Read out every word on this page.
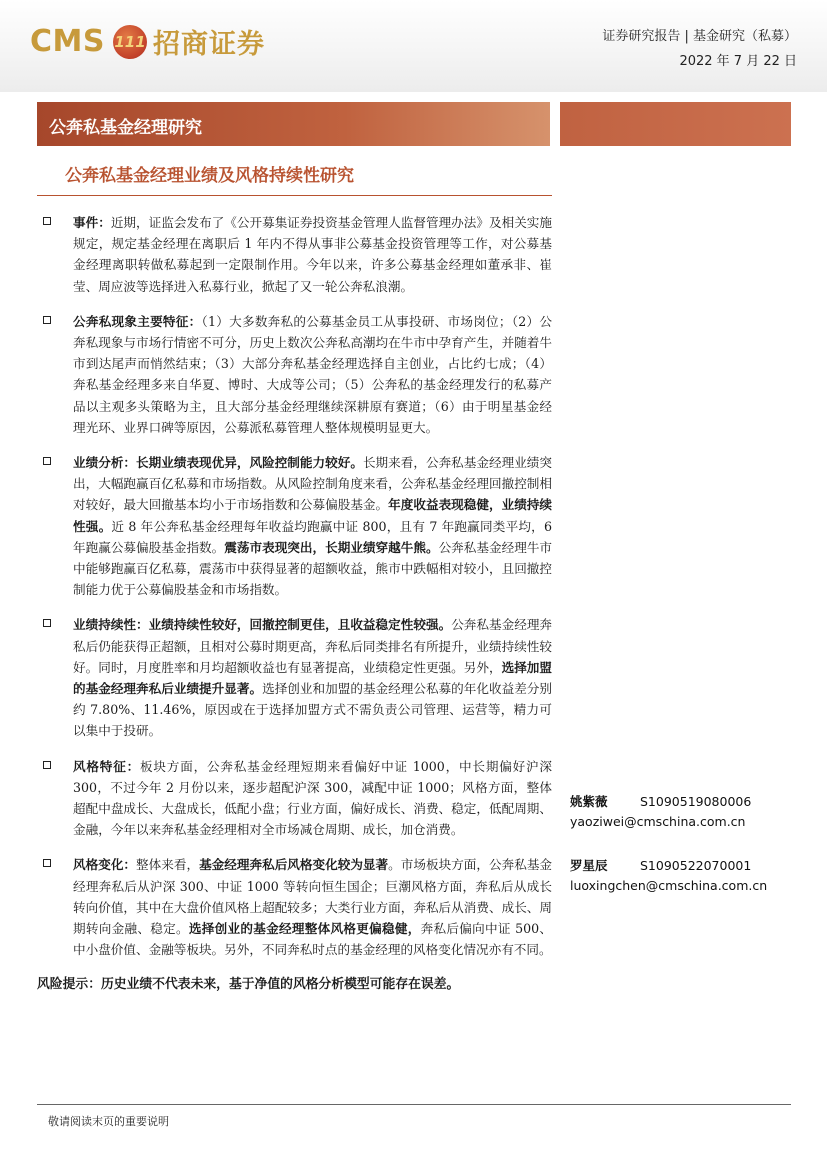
CMS 111 招商证券	证券研究报告 | 基金研究（私募）
2022 年 7 月 22 日
公奔私基金经理研究
公奔私基金经理业绩及风格持续性研究
事件：近期，证监会发布了《公开募集证券投资基金管理人监督管理办法》及相关实施规定，规定基金经理在离职后 1 年内不得从事非公募基金投资管理等工作，对公募基金经理离职转做私募起到一定限制作用。今年以来，许多公募基金经理如董承非、崔莹、周应波等选择进入私募行业，掀起了又一轮公奔私浪潮。
公奔私现象主要特征：（1）大多数奔私的公募基金员工从事投研、市场岗位；（2）公奔私现象与市场行情密不可分，历史上数次公奔私高潮均在牛市中孕育产生，并随着牛市到达尾声而悄然结束；（3）大部分奔私基金经理选择自主创业，占比约七成；（4）奔私基金经理多来自华夏、博时、大成等公司；（5）公奔私的基金经理发行的私募产品以主观多头策略为主，且大部分基金经理继续深耕原有赛道；（6）由于明星基金经理光环、业界口碑等原因，公募派私募管理人整体规模明显更大。
业绩分析：长期业绩表现优异，风险控制能力较好。长期来看，公奔私基金经理业绩突出，大幅跑赢百亿私募和市场指数。从风险控制角度来看，公奔私基金经理回撤控制相对较好，最大回撤基本均小于市场指数和公募偏股基金。年度收益表现稳健，业绩持续性强。近 8 年公奔私基金经理每年收益均跑赢中证 800，且有 7 年跑赢同类平均，6 年跑赢公募偏股基金指数。震荡市表现突出，长期业绩穿越牛熊。公奔私基金经理牛市中能够跑赢百亿私募，震荡市中获得显著的超额收益，熊市中跌幅相对较小，且回撤控制能力优于公募偏股基金和市场指数。
业绩持续性：业绩持续性较好，回撤控制更佳，且收益稳定性较强。公奔私基金经理奔私后仍能获得正超额，且相对公募时期更高，奔私后同类排名有所提升，业绩持续性较好。同时，月度胜率和月均超额收益也有显著提高，业绩稳定性更强。另外，选择加盟的基金经理奔私后业绩提升显著。选择创业和加盟的基金经理公私募的年化收益差分别约 7.80%、11.46%，原因或在于选择加盟方式不需负责公司管理、运营等，精力可以集中于投研。
风格特征：板块方面，公奔私基金经理短期来看偏好中证 1000，中长期偏好沪深 300，不过今年 2 月份以来，逐步超配沪深 300，减配中证 1000；风格方面，整体超配中盘成长、大盘成长，低配小盘；行业方面，偏好成长、消费、稳定，低配周期、金融，今年以来奔私基金经理相对全市场减仓周期、成长，加仓消费。
风格变化：整体来看，基金经理奔私后风格变化较为显著。市场板块方面，公奔私基金经理奔私后从沪深 300、中证 1000 等转向恒生国企；巨潮风格方面，奔私后从成长转向价值，其中在大盘价值风格上超配较多；大类行业方面，奔私后从消费、成长、周期转向金融、稳定。选择创业的基金经理整体风格更偏稳健，奔私后偏向中证 500、中小盘价值、金融等板块。另外，不同奔私时点的基金经理的风格变化情况亦有不同。
风险提示：历史业绩不代表未来，基于净值的风格分析模型可能存在误差。
姚紫薇	S1090519080006
yaoziwei@cmschina.com.cn
罗星辰	S1090522070001
luoxingchen@cmschina.com.cn
敬请阅读末页的重要说明
